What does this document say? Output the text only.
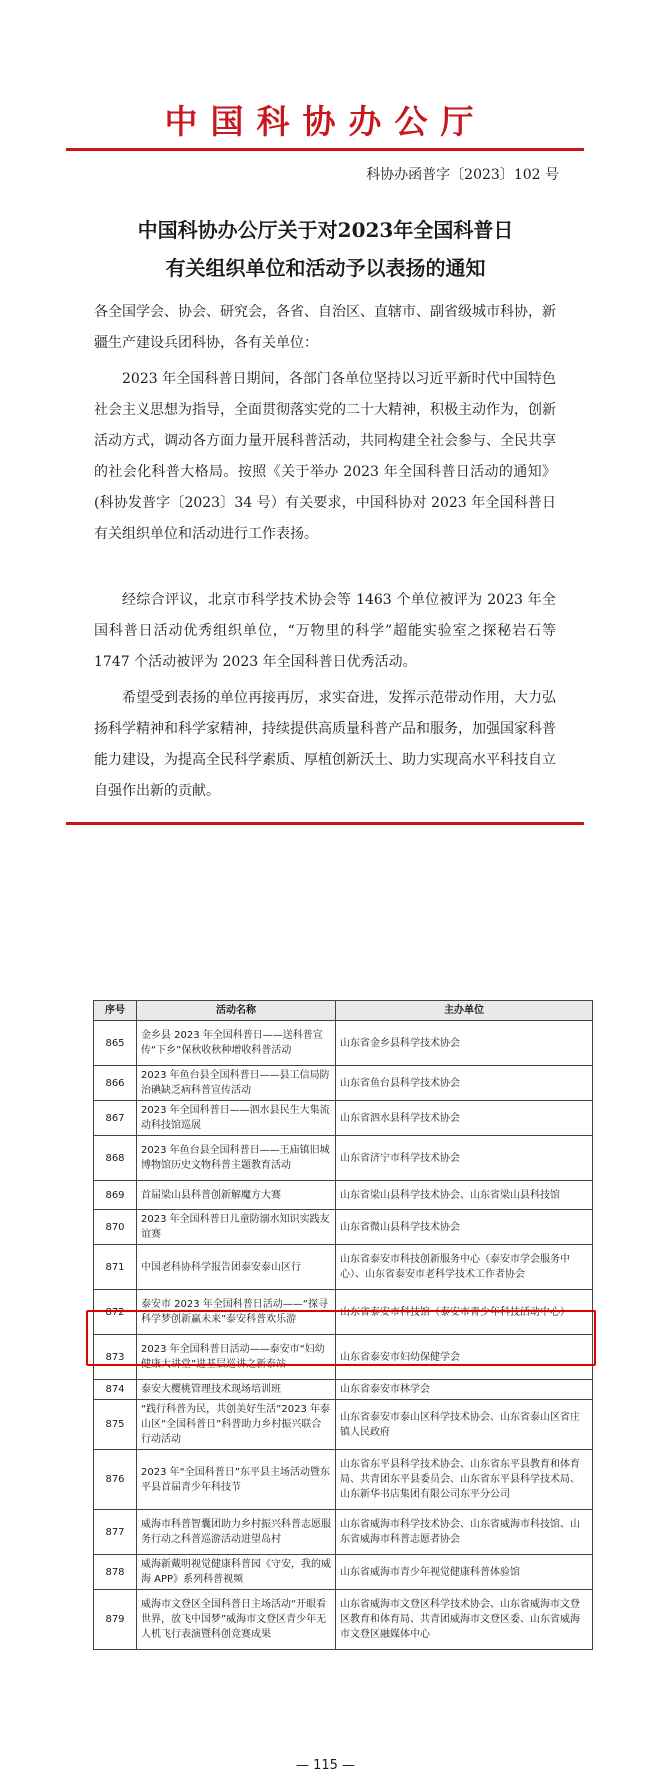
中国科协办公厅
科协办函普字〔2023〕102 号
中国科协办公厅关于对2023年全国科普日
有关组织单位和活动予以表扬的通知
各全国学会、协会、研究会，各省、自治区、直辖市、副省级城市科协，新疆生产建设兵团科协，各有关单位：
2023 年全国科普日期间，各部门各单位坚持以习近平新时代中国特色社会主义思想为指导，全面贯彻落实党的二十大精神，积极主动作为，创新活动方式，调动各方面力量开展科普活动，共同构建全社会参与、全民共享的社会化科普大格局。按照《关于举办 2023 年全国科普日活动的通知》(科协发普字〔2023〕34 号）有关要求，中国科协对 2023 年全国科普日有关组织单位和活动进行工作表扬。
经综合评议，北京市科学技术协会等 1463 个单位被评为 2023 年全国科普日活动优秀组织单位，“万物里的科学”超能实验室之探秘岩石等 1747 个活动被评为 2023 年全国科普日优秀活动。
希望受到表扬的单位再接再厉，求实奋进，发挥示范带动作用，大力弘扬科学精神和科学家精神，持续提供高质量科普产品和服务，加强国家科普能力建设，为提高全民科学素质、厚植创新沃土、助力实现高水平科技自立自强作出新的贡献。
序号	活动名称	主办单位
865	金乡县 2023 年全国科普日——送科普宣传“下乡”保秋收秋种增收科普活动	山东省金乡县科学技术协会
866	2023 年鱼台县全国科普日——县工信局防治碘缺乏病科普宣传活动	山东省鱼台县科学技术协会
867	2023 年全国科普日——泗水县民生大集流动科技馆巡展	山东省泗水县科学技术协会
868	2023 年鱼台县全国科普日——王庙镇旧城博物馆历史文物科普主题教育活动	山东省济宁市科学技术协会
869	首届梁山县科普创新解魔方大赛	山东省梁山县科学技术协会、山东省梁山县科技馆
870	2023 年全国科普日儿童防溺水知识实践友谊赛	山东省微山县科学技术协会
871	中国老科协科学报告团泰安泰山区行	山东省泰安市科技创新服务中心（泰安市学会服务中心）、山东省泰安市老科学技术工作者协会
872	泰安市 2023 年全国科普日活动——“探寻科学梦创新赢未来”泰安科普欢乐游	山东省泰安市科技馆（泰安市青少年科技活动中心）
873	2023 年全国科普日活动——泰安市“妇幼健康大讲堂”进基层巡讲之新泰站	山东省泰安市妇幼保健学会
874	泰安大樱桃管理技术现场培训班	山东省泰安市林学会
875	“践行科普为民，共创美好生活”2023 年泰山区“全国科普日”科普助力乡村振兴联合行动活动	山东省泰安市泰山区科学技术协会、山东省泰山区省庄镇人民政府
876	2023 年“全国科普日”东平县主场活动暨东平县首届青少年科技节	山东省东平县科学技术协会、山东省东平县教育和体育局、共青团东平县委员会、山东省东平县科学技术局、山东新华书店集团有限公司东平分公司
877	威海市科普智囊团助力乡村振兴科普志愿服务行动之科普巡游活动进望岛村	山东省威海市科学技术协会、山东省威海市科技馆、山东省威海市科普志愿者协会
878	威海新戴明视觉健康科普园《守安，我的威海 APP》系列科普视频	山东省威海市青少年视觉健康科普体验馆
879	威海市文登区全国科普日主场活动“开眼看世界，放飞中国梦”威海市文登区青少年无人机飞行表演暨科创竞赛成果	山东省威海市文登区科学技术协会、山东省威海市文登区教育和体育局、共青团威海市文登区委、山东省威海市文登区融媒体中心
— 115 —
